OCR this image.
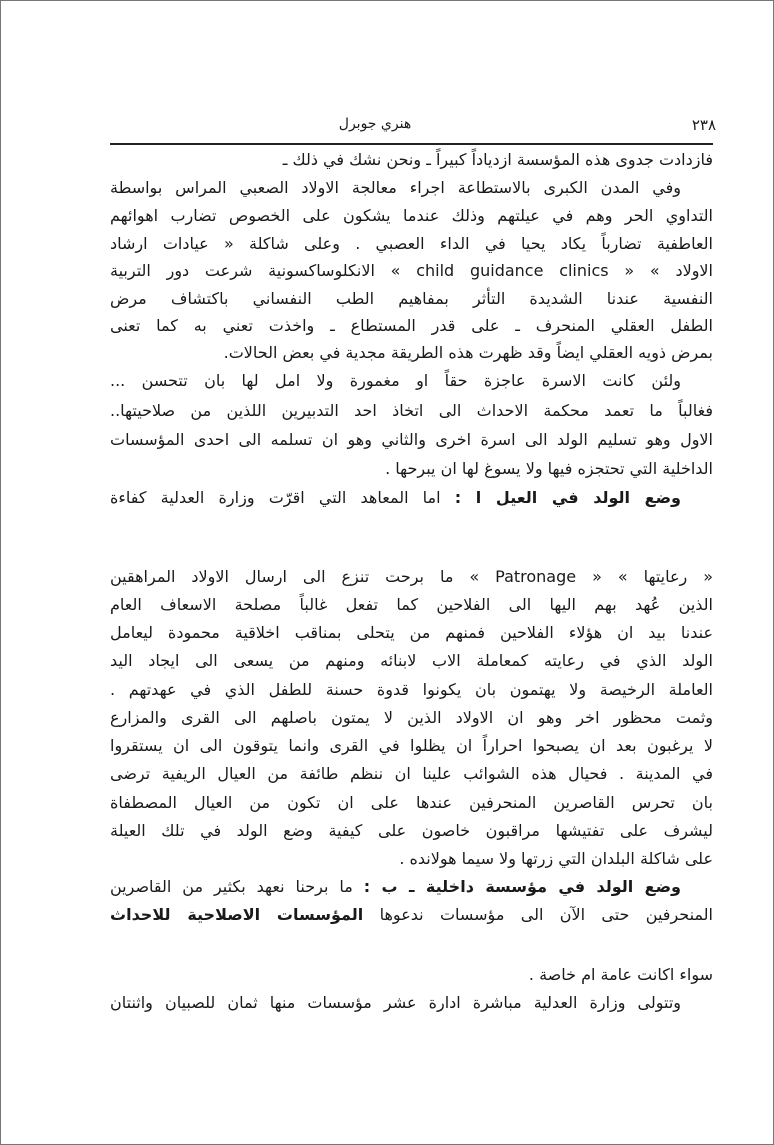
٢٣٨
هنري جوبرل
فازدادت جدوى هذه المؤسسة ازدياداً كبيراً ـ ونحن نشك في ذلك ـ
وفي المدن الكبرى بالاستطاعة اجراء معالجة الاولاد الصعبي المراس بواسطة
التداوي الحر وهم في عيلتهم وذلك عندما يشكون على الخصوص تضارب اهوائهم
العاطفية تضارباً يكاد يحيا في الداء العصبي . وعلى شاكلة « عيادات ارشاد
الاولاد » « child guidance clinics » الانكلوساكسونية شرعت دور التربية
النفسية عندنا الشديدة التأثر بمفاهيم الطب النفساني باكتشاف مرض
الطفل العقلي المنحرف ـ على قدر المستطاع ـ واخذت تعني به كما تعنى
بمرض ذويه العقلي ايضاً وقد ظهرت هذه الطريقة مجدية في بعض الحالات.
ولئن كانت الاسرة عاجزة حقاً او مغمورة ولا امل لها بان تتحسن ...
فغالباً ما تعمد محكمة الاحداث الى اتخاذ احد التدبيرين اللذين من صلاحيتها..
الاول وهو تسليم الولد الى اسرة اخرى والثاني وهو ان تسلمه الى احدى المؤسسات
الداخلية التي تحتجزه فيها ولا يسوغ لها ان يبرحها .
وضع الولد في العيل ا : اما المعاهد التي اقرّت وزارة العدلية كفاءة
« رعايتها » « Patronage » ما برحت تنزع الى ارسال الاولاد المراهقين
الذين عُهد بهم اليها الى الفلاحين كما تفعل غالباً مصلحة الاسعاف العام
عندنا بيد ان هؤلاء الفلاحين فمنهم من يتحلى بمناقب اخلاقية محمودة ليعامل
الولد الذي في رعايته كمعاملة الاب لابنائه ومنهم من يسعى الى ايجاد اليد
العاملة الرخيصة ولا يهتمون بان يكونوا قدوة حسنة للطفل الذي في عهدتهم .
وثمت محظور اخر وهو ان الاولاد الذين لا يمتون باصلهم الى القرى والمزارع
لا يرغبون بعد ان يصبحوا احراراً ان يظلوا في القرى وانما يتوقون الى ان يستقروا
في المدينة . فحيال هذه الشوائب علينا ان ننظم طائفة من العيال الريفية ترضى
بان تحرس القاصرين المنحرفين عندها على ان تكون من العيال المصطفاة
ليشرف على تفتيشها مراقبون خاصون على كيفية وضع الولد في تلك العيلة
على شاكلة البلدان التي زرتها ولا سيما هولانده .
وضع الولد في مؤسسة داخلية ـ ب : ما برحنا نعهد بكثير من القاصرين
المنحرفين حتى الآن الى مؤسسات ندعوها المؤسسات الاصلاحية للاحداث
سواء اكانت عامة ام خاصة .
وتتولى وزارة العدلية مباشرة ادارة عشر مؤسسات منها ثمان للصبيان واثنتان
